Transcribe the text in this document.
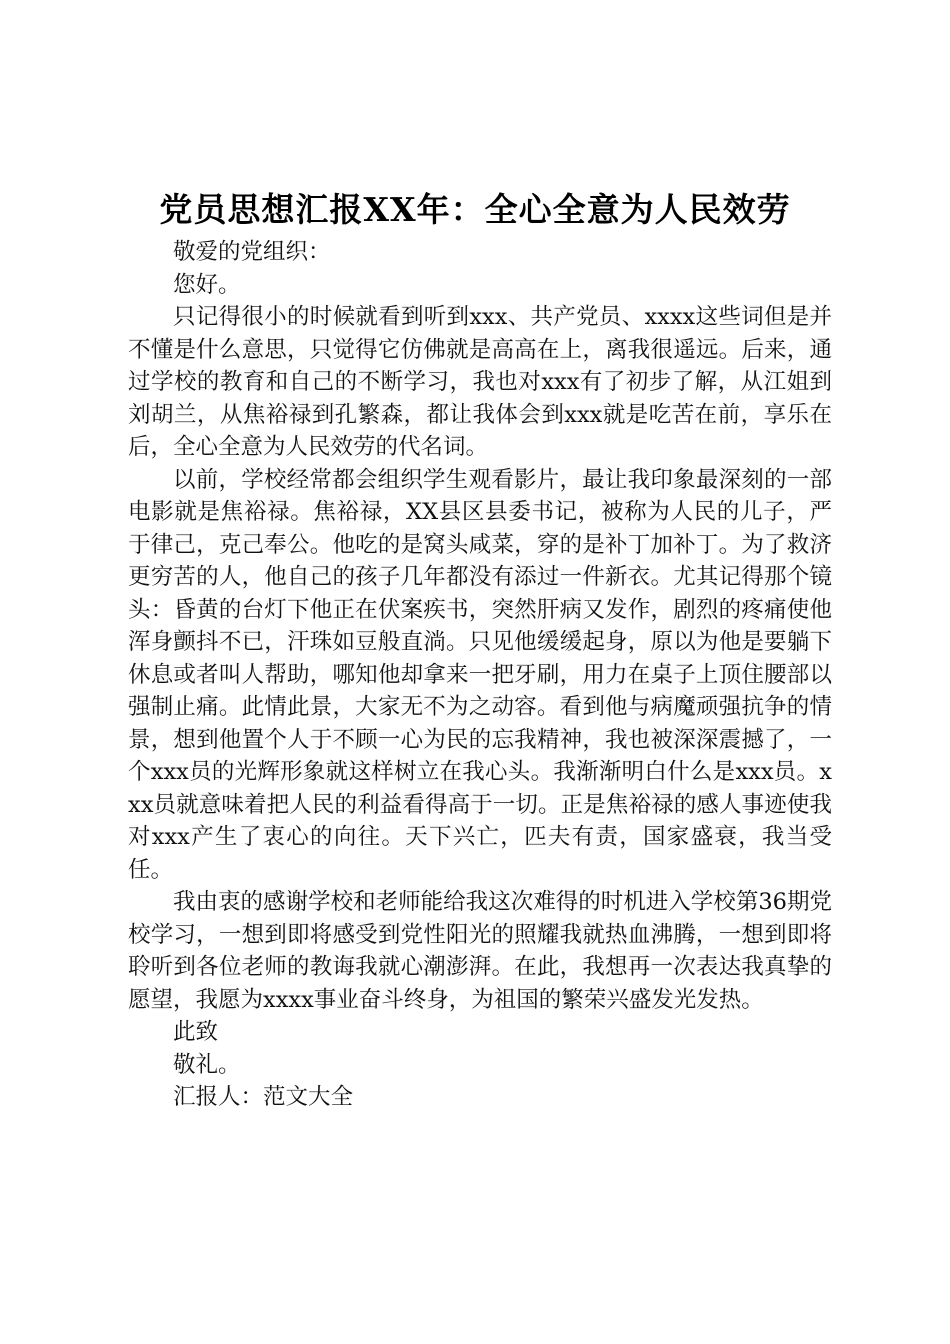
党员思想汇报XX年：全心全意为人民效劳

敬爱的党组织：

您好。

只记得很小的时候就看到听到xxx、共产党员、xxxx这些词但是并不懂是什么意思，只觉得它仿佛就是高高在上，离我很遥远。后来，通过学校的教育和自己的不断学习，我也对xxx有了初步了解，从江姐到刘胡兰，从焦裕禄到孔繁森，都让我体会到xxx就是吃苦在前，享乐在后，全心全意为人民效劳的代名词。

以前，学校经常都会组织学生观看影片，最让我印象最深刻的一部电影就是焦裕禄。焦裕禄，XX县区县委书记，被称为人民的儿子，严于律己，克己奉公。他吃的是窝头咸菜，穿的是补丁加补丁。为了救济更穷苦的人，他自己的孩子几年都没有添过一件新衣。尤其记得那个镜头：昏黄的台灯下他正在伏案疾书，突然肝病又发作，剧烈的疼痛使他浑身颤抖不已，汗珠如豆般直淌。只见他缓缓起身，原以为他是要躺下休息或者叫人帮助，哪知他却拿来一把牙刷，用力在桌子上顶住腰部以强制止痛。此情此景，大家无不为之动容。看到他与病魔顽强抗争的情景，想到他置个人于不顾一心为民的忘我精神，我也被深深震撼了，一个xxx员的光辉形象就这样树立在我心头。我渐渐明白什么是xxx员。xxx员就意味着把人民的利益看得高于一切。正是焦裕禄的感人事迹使我对xxx产生了衷心的向往。天下兴亡，匹夫有责，国家盛衰，我当受任。

我由衷的感谢学校和老师能给我这次难得的时机进入学校第36期党校学习，一想到即将感受到党性阳光的照耀我就热血沸腾，一想到即将聆听到各位老师的教诲我就心潮澎湃。在此，我想再一次表达我真挚的愿望，我愿为xxxx事业奋斗终身，为祖国的繁荣兴盛发光发热。

此致

敬礼。

汇报人：范文大全
